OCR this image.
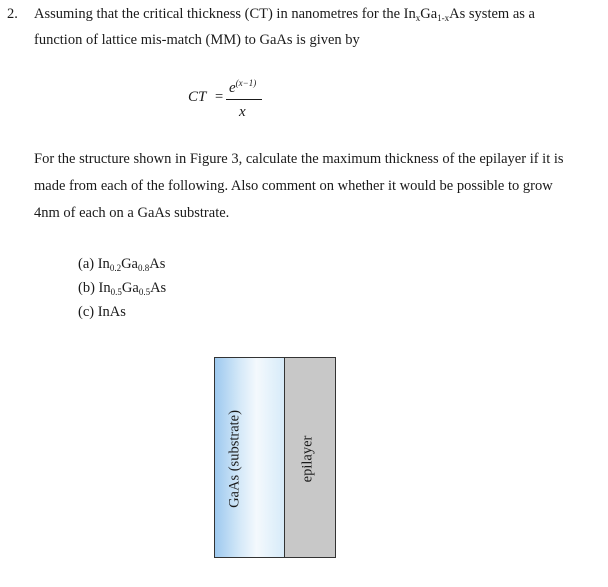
2. Assuming that the critical thickness (CT) in nanometres for the $In_xGa_{1-x}As$ system as a
function of lattice mis-match (MM) to GaAs is given by
CT =
$e^{(x-1)}$
x
For the structure shown in Figure 3, calculate the maximum thickness of the epilayer if it is
made from each of the following. Also comment on whether it would be possible to grow
4nm of each on a GaAs substrate.
(a) $In_{0.2}Ga_{0.8}As$
(b) $In_{0.5}Ga_{0.5}As$
(c) InAs
GaAs (substrate)	epilayer
